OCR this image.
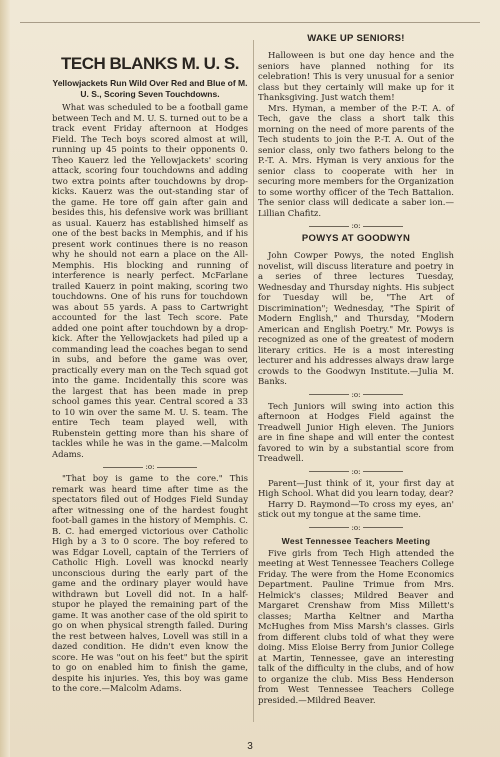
TECH BLANKS M. U. S.
Yellowjackets Run Wild Over Red and Blue of M. U. S., Scoring Seven Touchdowns.

What was scheduled to be a football game between Tech and M. U. S. turned out to be a track event Friday afternoon at Hodges Field. The Tech boys scored almost at will, running up 45 points to their opponents 0. Theo Kauerz led the Yellowjackets' scoring attack, scoring four touchdowns and adding two extra points after touchdowns by drop-kicks. Kauerz was the out-standing star of the game. He tore off gain after gain and besides this, his defensive work was brilliant as usual. Kauerz has established himself as one of the best backs in Memphis, and if his present work continues there is no reason why he should not earn a place on the All-Memphis. His blocking and running of interference is nearly perfect. McFarlane trailed Kauerz in point making, scoring two touchdowns. One of his runs for touchdown was about 55 yards. A pass to Cartwright accounted for the last Tech score. Pate added one point after touchdown by a drop-kick. After the Yellowjackets had piled up a commanding lead the coaches began to send in subs, and before the game was over, practically every man on the Tech squad got into the game. Incidentally this score was the largest that has been made in prep school games this year. Central scored a 33 to 10 win over the same M. U. S. team. The entire Tech team played well, with Rubenstein getting more than his share of tackles while he was in the game.—Malcolm Adams.

:o:

"That boy is game to the core." This remark was heard time after time as the spectators filed out of Hodges Field Sunday after witnessing one of the hardest fought foot-ball games in the history of Memphis. C. B. C. had emerged victorious over Catholic High by a 3 to 0 score. The boy refered to was Edgar Lovell, captain of the Terriers of Catholic High. Lovell was knockd nearly unconscious during the early part of the game and the ordinary player would have withdrawn but Lovell did not. In a half-stupor he played the remaining part of the game. It was another case of the old spirit to go on when physical strength failed. During the rest between halves, Lovell was still in a dazed condition. He didn't even know the score. He was "out on his feet" but the spirit to go on enabled him to finish the game, despite his injuries. Yes, this boy was game to the core.—Malcolm Adams.

WAKE UP SENIORS!

Halloween is but one day hence and the seniors have planned nothing for its celebration! This is very unusual for a senior class but they certainly will make up for it Thanksgiving. Just watch them!

Mrs. Hyman, a member of the P.-T. A. of Tech, gave the class a short talk this morning on the need of more parents of the Tech students to join the P.-T. A. Out of the senior class, only two fathers belong to the P.-T. A. Mrs. Hyman is very anxious for the senior class to cooperate with her in securing more members for the Organization to some worthy officer of the Tech Battalion. The senior class will dedicate a saber ion.—Lillian Chafitz.

:o:
POWYS AT GOODWYN

John Cowper Powys, the noted English novelist, will discuss literature and poetry in a series of three lectures Tuesday, Wednesday and Thursday nights. His subject for Tuesday will be, "The Art of Discrimination"; Wednesday, "The Spirit of Modern English," and Thursday, "Modern American and English Poetry." Mr. Powys is recognized as one of the greatest of modern literary critics. He is a most interesting lecturer and his addresses always draw large crowds to the Goodwyn Institute.—Julia M. Banks.

:o:

Tech Juniors will swing into action this afternoon at Hodges Field against the Treadwell Junior High eleven. The Juniors are in fine shape and will enter the contest favored to win by a substantial score from Treadwell.

:o:

Parent—Just think of it, your first day at High School. What did you learn today, dear?

Harry D. Raymond—To cross my eyes, an' stick out my tongue at the same time.

:o:
West Tennessee Teachers Meeting

Five girls from Tech High attended the meeting at West Tennessee Teachers College Friday. The were from the Home Economics Department. Pauline Trimue from Mrs. Helmick's classes; Mildred Beaver and Margaret Crenshaw from Miss Millett's classes; Martha Keltner and Martha McHughes from Miss Marsh's classes. Girls from different clubs told of what they were doing. Miss Eloise Berry from Junior College at Martin, Tennessee, gave an interesting talk of the difficulty in the clubs, and of how to organize the club. Miss Bess Henderson from West Tennessee Teachers College presided.—Mildred Beaver.

3
